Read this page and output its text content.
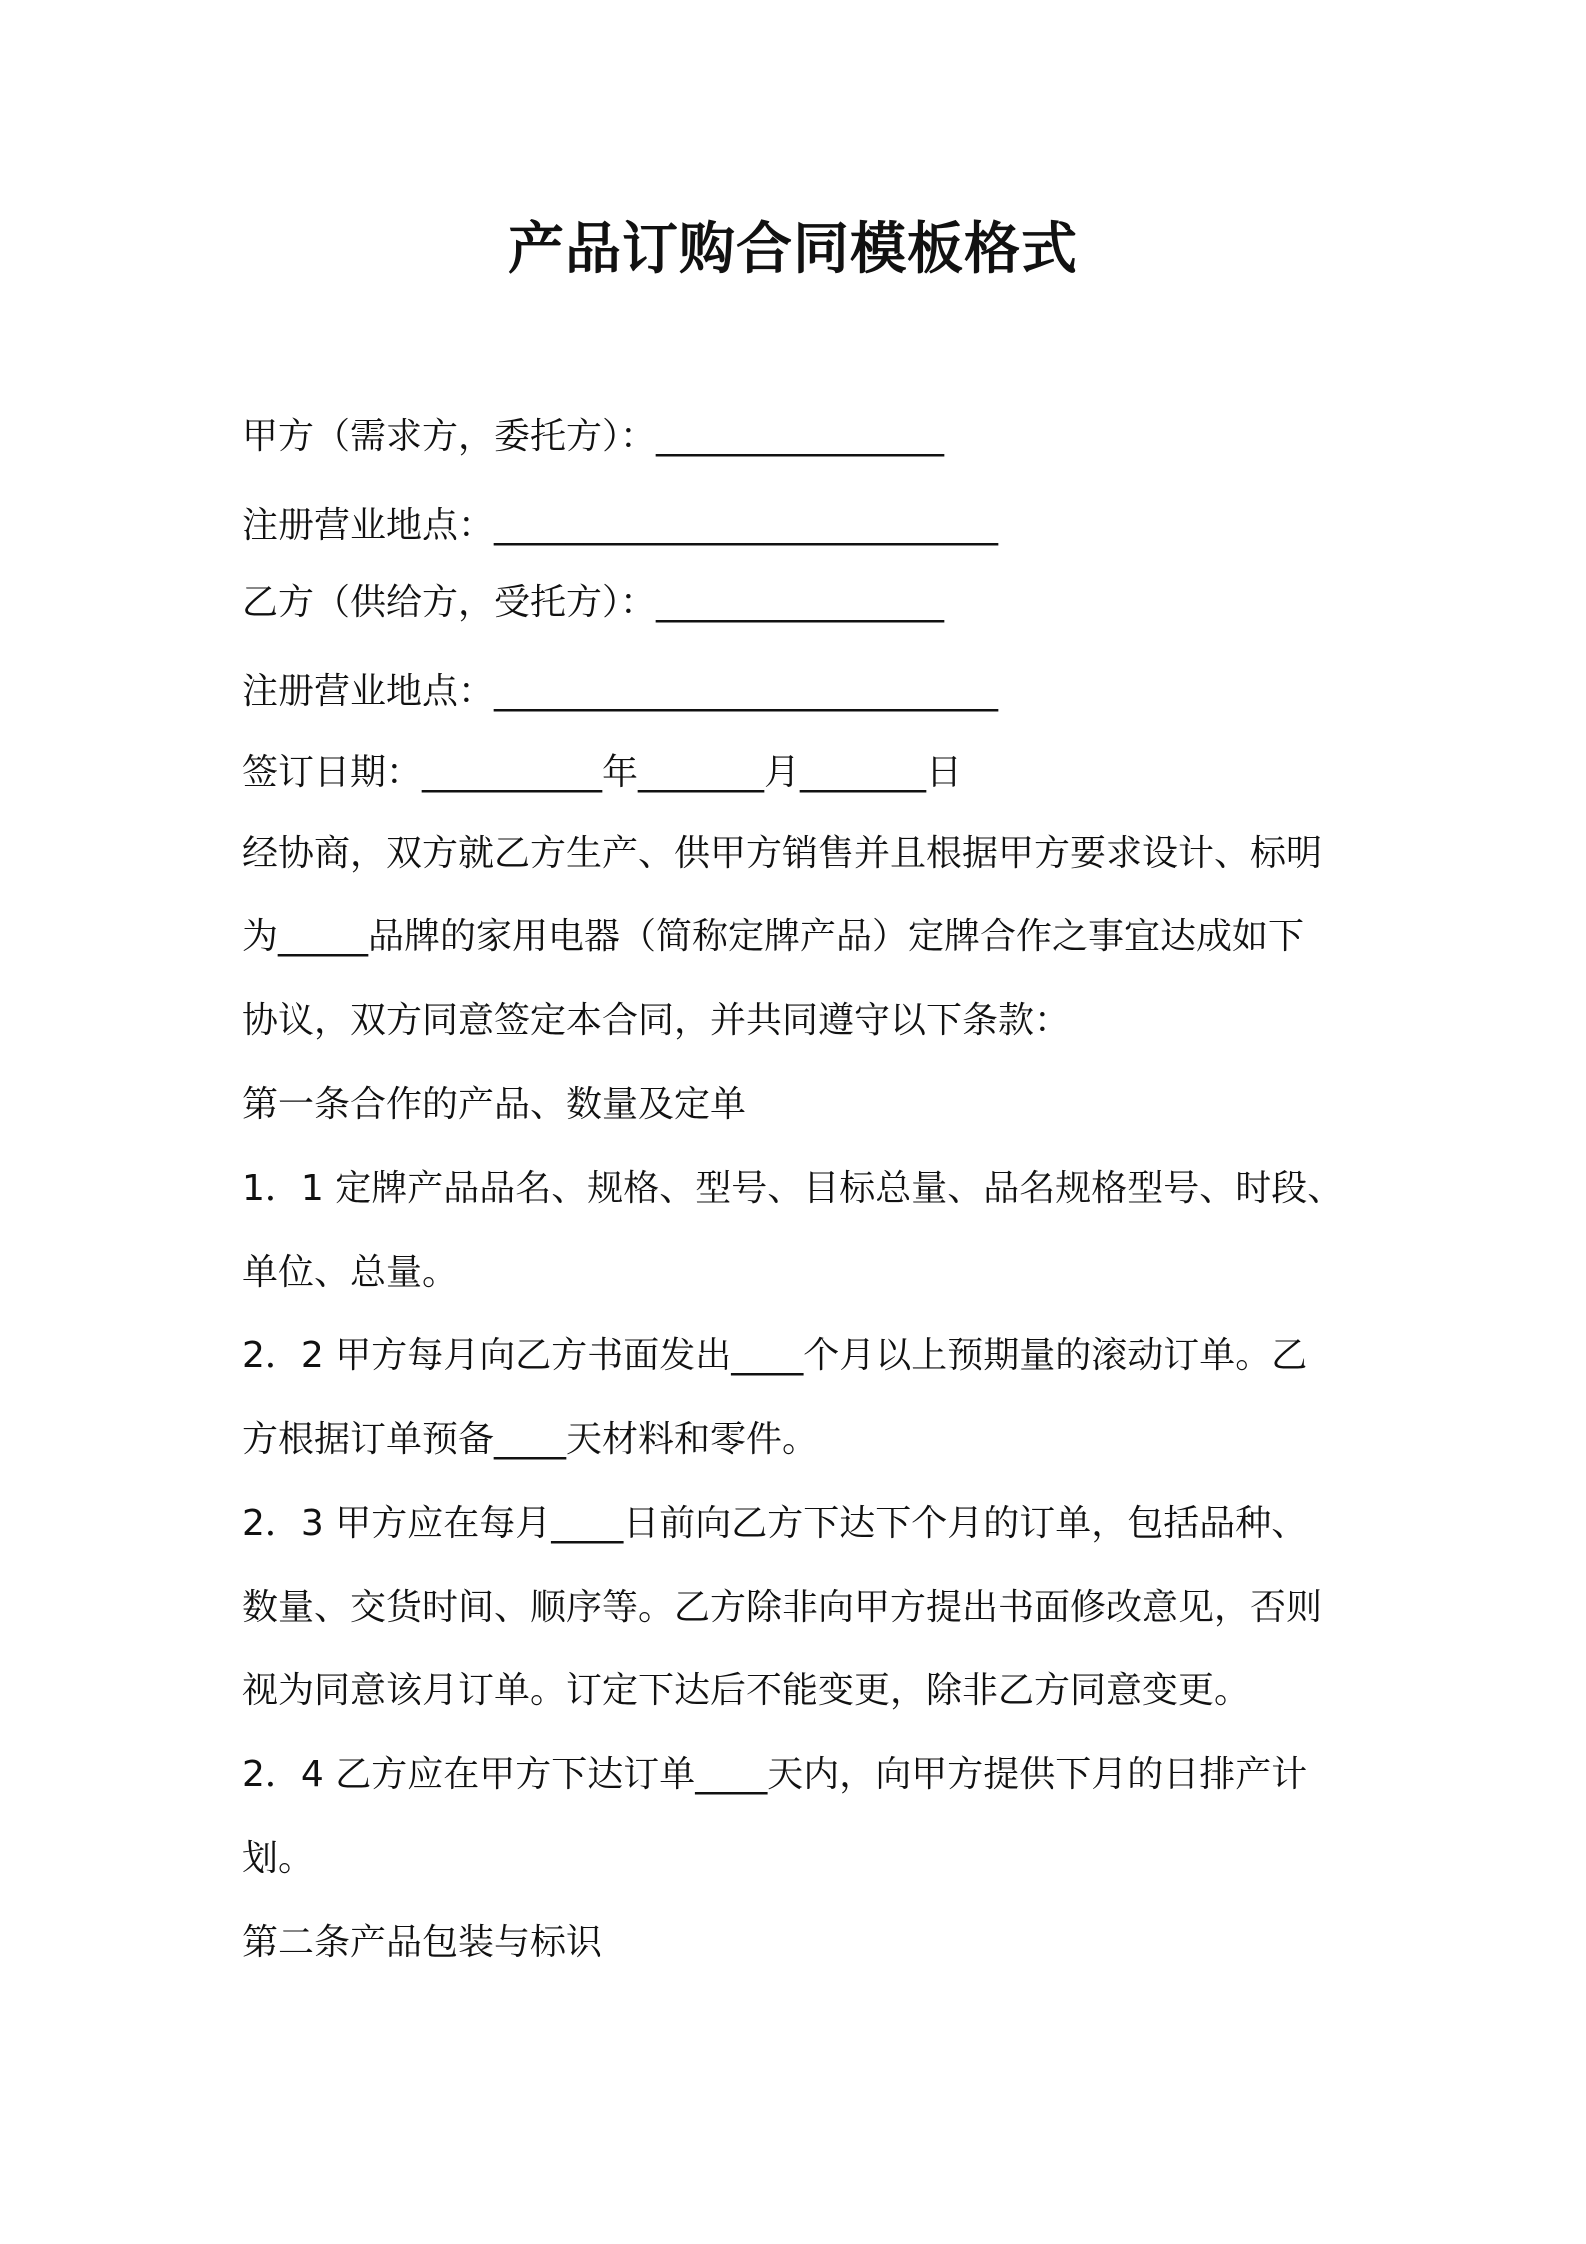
产品订购合同模板格式
甲方（需求方，委托方）：________________
注册营业地点：____________________________
乙方（供给方，受托方）：________________
注册营业地点：____________________________
签订日期：__________年_______月_______日
经协商，双方就乙方生产、供甲方销售并且根据甲方要求设计、标明
为_____品牌的家用电器（简称定牌产品）定牌合作之事宜达成如下
协议，双方同意签定本合同，并共同遵守以下条款：
第一条合作的产品、数量及定单
1．1 定牌产品品名、规格、型号、目标总量、品名规格型号、时段、
单位、总量。
2．2 甲方每月向乙方书面发出____个月以上预期量的滚动订单。乙
方根据订单预备____天材料和零件。
2．3 甲方应在每月____日前向乙方下达下个月的订单，包括品种、
数量、交货时间、顺序等。乙方除非向甲方提出书面修改意见，否则
视为同意该月订单。订定下达后不能变更，除非乙方同意变更。
2．4 乙方应在甲方下达订单____天内，向甲方提供下月的日排产计
划。
第二条产品包装与标识
